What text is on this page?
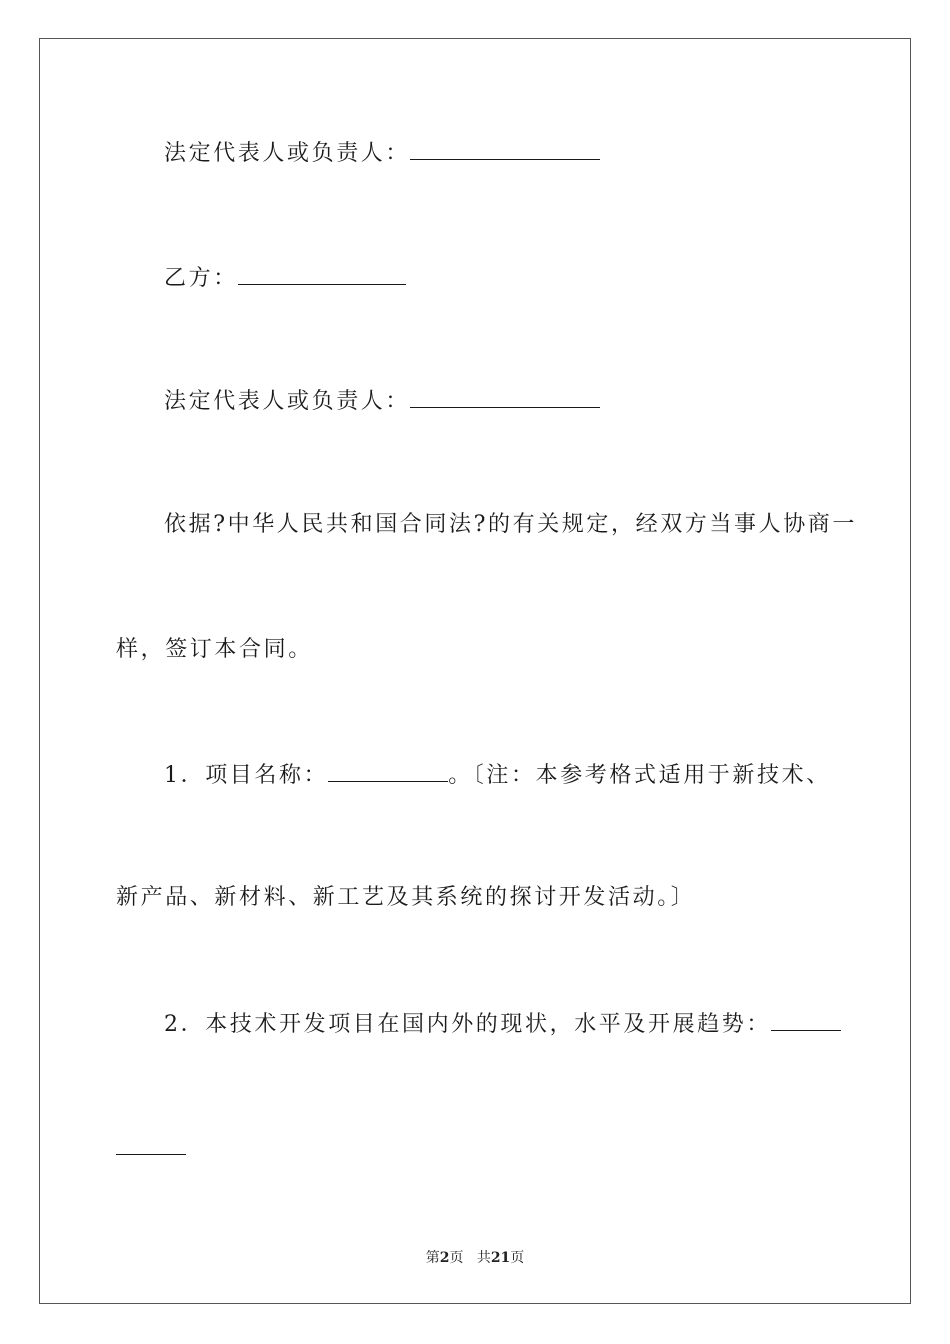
法定代表人或负责人：
乙方：
法定代表人或负责人：
依据?中华人民共和国合同法?的有关规定，经双方当事人协商一
样，签订本合同。
1．项目名称：	。〔注：本参考格式适用于新技术、
新产品、新材料、新工艺及其系统的探讨开发活动。〕
2．本技术开发项目在国内外的现状，水平及开展趋势：
第2页 共21页
